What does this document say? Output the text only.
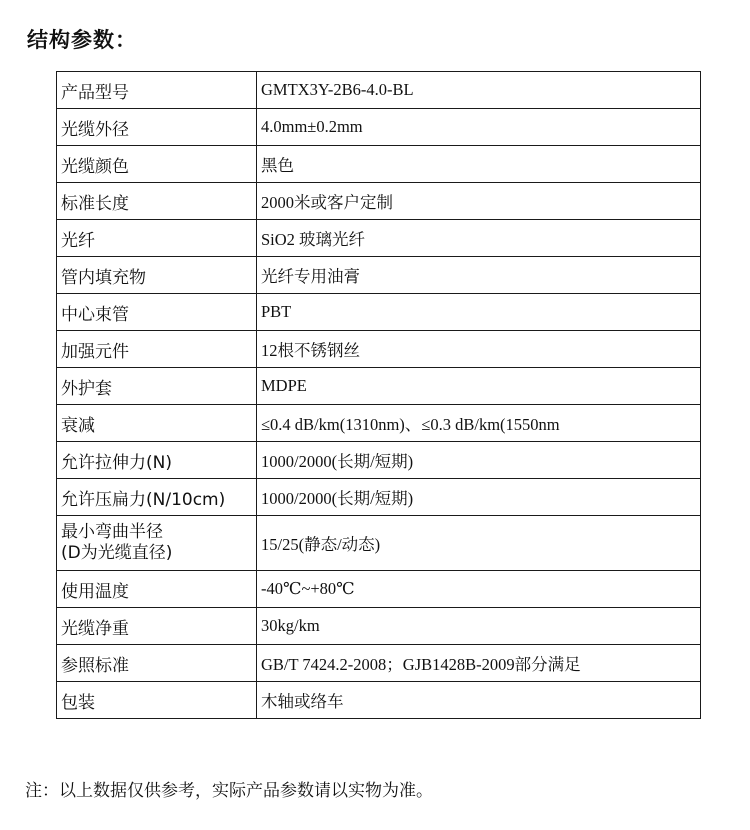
结构参数：
产品型号	GMTX3Y-2B6-4.0-BL
光缆外径	4.0mm±0.2mm
光缆颜色	黑色
标准长度	2000米或客户定制
光纤	SiO2 玻璃光纤
管内填充物	光纤专用油膏
中心束管	PBT
加强元件	12根不锈钢丝
外护套	MDPE
衰减	≤0.4 dB/km(1310nm)、≤0.3 dB/km(1550nm
允许拉伸力(N)	1000/2000(长期/短期)
允许压扁力(N/10cm)	1000/2000(长期/短期)

最小弯曲半径
(D为光缆直径)	15/25(静态/动态)
使用温度	-40℃~+80℃
光缆净重	30kg/km
参照标准	GB/T 7424.2-2008；GJB1428B-2009部分满足
包装	木轴或络车
注：以上数据仅供参考，实际产品参数请以实物为准。
